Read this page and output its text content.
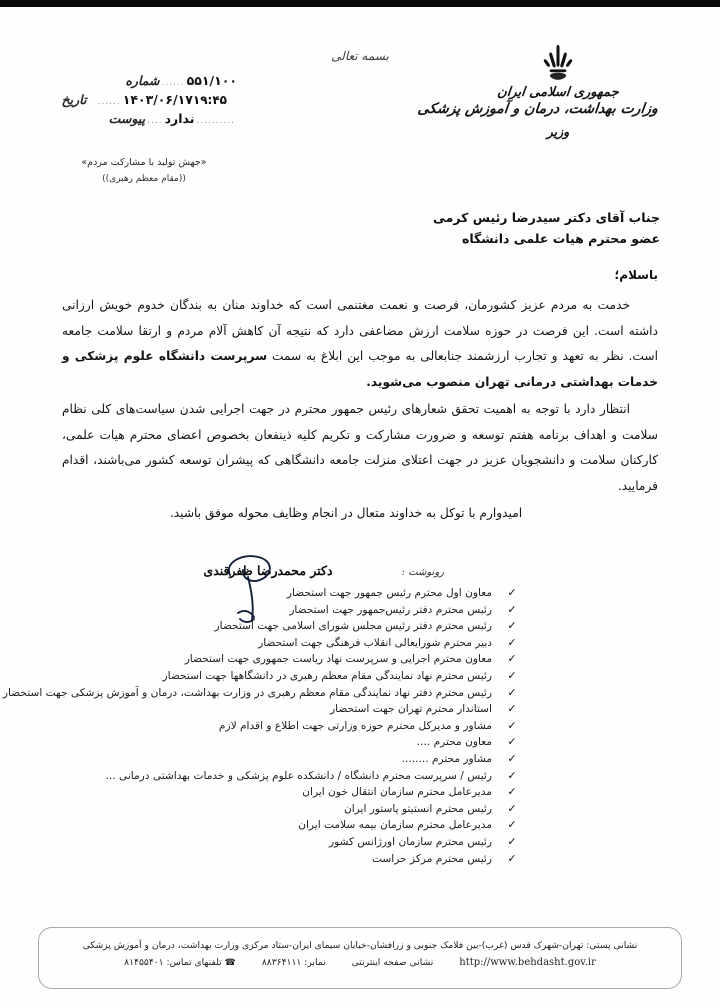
بسمه تعالی
۵۵۱/۱۰۰
......
شماره
۱۹:۴۵
۱۴۰۳/۰۶/۱۷
......
تاریخ
..........
ندارد
....
پیوست
«جهش تولید با مشارکت مردم»
((مقام معظم رهبری))
جمهوری اسلامی ایران
وزارت بهداشت، درمان و آموزش پزشکی
وزیر
جناب آقای دکتر سیدرضا رئیس کرمی
عضو محترم هیات علمی دانشگاه
باسلام؛

خدمت به مردم عزیز کشورمان، فرصت و نعمت مغتنمی است که خداوند منان به بندگان خدوم خویش ارزانی داشته است. این فرصت در حوزه سلامت ارزش مضاعفی دارد که نتیجه آن کاهش آلام مردم و ارتقا سلامت جامعه است. نظر به تعهد و تجارب ارزشمند جنابعالی به موجب این ابلاغ به سمت سرپرست دانشگاه علوم پزشکی و خدمات بهداشتی درمانی تهران منصوب می‌شوید.

انتظار دارد با توجه به اهمیت تحقق شعارهای رئیس جمهور محترم در جهت اجرایی شدن سیاست‌های کلی نظام سلامت و اهداف برنامه هفتم توسعه و ضرورت مشارکت و تکریم کلیه ذینفعان بخصوص اعضای محترم هیات علمی، کارکنان سلامت و دانشجویان عزیز در جهت اعتلای منزلت جامعه دانشگاهی که پیشران توسعه کشور می‌باشند، اقدام فرمایید.

امیدوارم با توکل به خداوند متعال در انجام وظایف محوله موفق باشید.

دکتر محمدرضا ظفرقندی	رونوشت :
✓
معاون اول محترم رئیس جمهور جهت استحضار
✓
رئیس محترم دفتر رئیس‌جمهور جهت استحضار
✓
رئیس محترم دفتر رئیس مجلس شورای اسلامی جهت استحضار
✓
دبیر محترم شورایعالی انقلاب فرهنگی جهت استحضار
✓
معاون محترم اجرایی و سرپرست نهاد ریاست جمهوری جهت استحضار
✓
رئیس محترم نهاد نمایندگی مقام معظم رهبری در دانشگاهها جهت استحضار
✓
رئیس محترم دفتر نهاد نمایندگی مقام معظم رهبری در وزارت بهداشت، درمان و آموزش پزشکی جهت استحضار
✓
استاندار محترم تهران جهت استحضار
✓
مشاور و مدیرکل محترم حوزه وزارتی جهت اطلاع و اقدام لازم
✓
معاون محترم ....
✓
مشاور محترم ........
✓
رئیس / سرپرست محترم دانشگاه / دانشکده علوم پزشکی و خدمات بهداشتی درمانی ...
✓
مدیرعامل محترم سازمان انتقال خون ایران
✓
رئیس محترم انستیتو پاستور ایران
✓
مدیرعامل محترم سازمان بیمه سلامت ایران
✓
رئیس محترم سازمان اورژانس کشور
✓
رئیس محترم مرکز حراست
نشانی پستی: تهران-شهرک قدس (غرب)-بین فلامک جنوبی و زرافشان-خیابان سیمای ایران-ستاد مرکزی وزارت بهداشت، درمان و آموزش پزشکی
http://www.behdasht.gov.ir
نشانی صفحه اینترنتی
نمابر: ۸۸۳۶۴۱۱۱
☎ تلفنهای تماس: ۸۱۴۵۵۴۰۱
